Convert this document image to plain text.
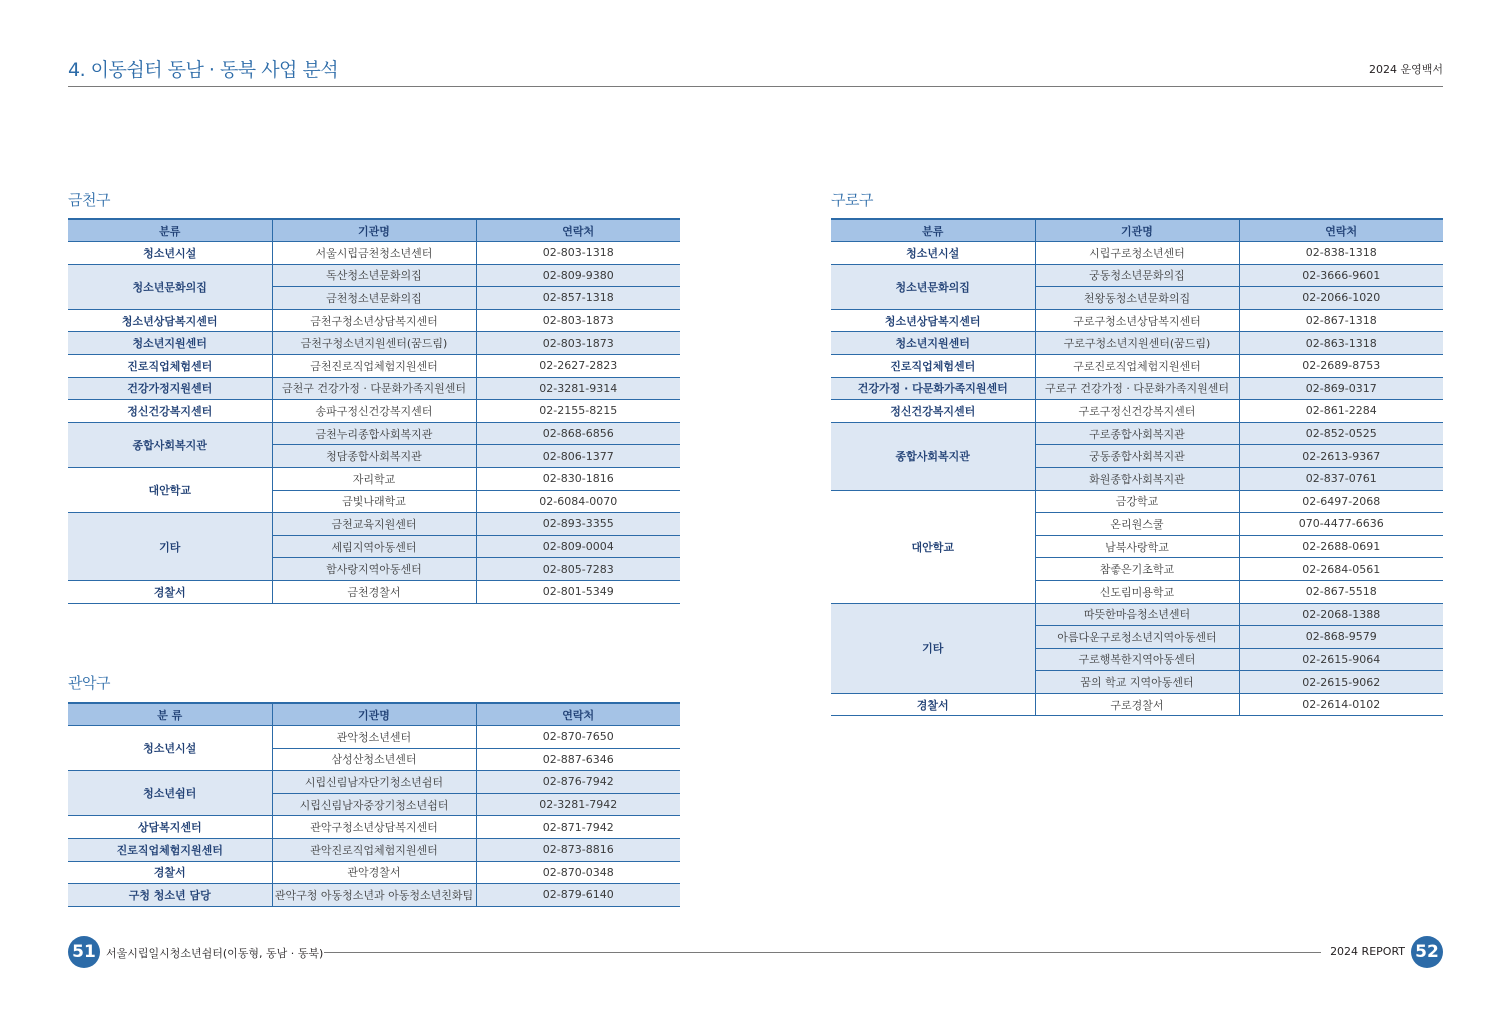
4. 이동쉼터 동남 · 동북 사업 분석	2024 운영백서
금천구
분류	기관명	연락처
청소년시설	서울시립금천청소년센터	02-803-1318
청소년문화의집	독산청소년문화의집	02-809-9380
	금천청소년문화의집	02-857-1318
청소년상담복지센터	금천구청소년상담복지센터	02-803-1873
청소년지원센터	금천구청소년지원센터(꿈드림)	02-803-1873
진로직업체험센터	금천진로직업체험지원센터	02-2627-2823
건강가정지원센터	금천구 건강가정 · 다문화가족지원센터	02-3281-9314
정신건강복지센터	송파구정신건강복지센터	02-2155-8215
종합사회복지관	금천누리종합사회복지관	02-868-6856
	청담종합사회복지관	02-806-1377
대안학교	자리학교	02-830-1816
	금빛나래학교	02-6084-0070
기타	금천교육지원센터	02-893-3355
	세림지역아동센터	02-809-0004
	함사랑지역아동센터	02-805-7283
경찰서	금천경찰서	02-801-5349
관악구
분 류	기관명	연락처
청소년시설	관악청소년센터	02-870-7650
	삼성산청소년센터	02-887-6346
청소년쉼터	시립신림남자단기청소년쉼터	02-876-7942
	시립신림남자중장기청소년쉼터	02-3281-7942
상담복지센터	관악구청소년상담복지센터	02-871-7942
진로직업체험지원센터	관악진로직업체험지원센터	02-873-8816
경찰서	관악경찰서	02-870-0348
구청 청소년 담당	관악구청 아동청소년과 아동청소년친화팀	02-879-6140
구로구
분류	기관명	연락처
청소년시설	시립구로청소년센터	02-838-1318
청소년문화의집	궁동청소년문화의집	02-3666-9601
	천왕동청소년문화의집	02-2066-1020
청소년상담복지센터	구로구청소년상담복지센터	02-867-1318
청소년지원센터	구로구청소년지원센터(꿈드림)	02-863-1318
진로직업체험센터	구로진로직업체험지원센터	02-2689-8753
건강가정 · 다문화가족지원센터	구로구 건강가정 · 다문화가족지원센터	02-869-0317
정신건강복지센터	구로구정신건강복지센터	02-861-2284
종합사회복지관	구로종합사회복지관	02-852-0525
	궁동종합사회복지관	02-2613-9367
	화원종합사회복지관	02-837-0761
대안학교	금강학교	02-6497-2068
	온리원스쿨	070-4477-6636
	남북사랑학교	02-2688-0691
	참좋은기초학교	02-2684-0561
	신도림미용학교	02-867-5518
기타	따뜻한마음청소년센터	02-2068-1388
	아름다운구로청소년지역아동센터	02-868-9579
	구로행복한지역아동센터	02-2615-9064
	꿈의 학교 지역아동센터	02-2615-9062
경찰서	구로경찰서	02-2614-0102
51 서울시립일시청소년쉼터(이동형, 동남 · 동북)	2024 REPORT 52
